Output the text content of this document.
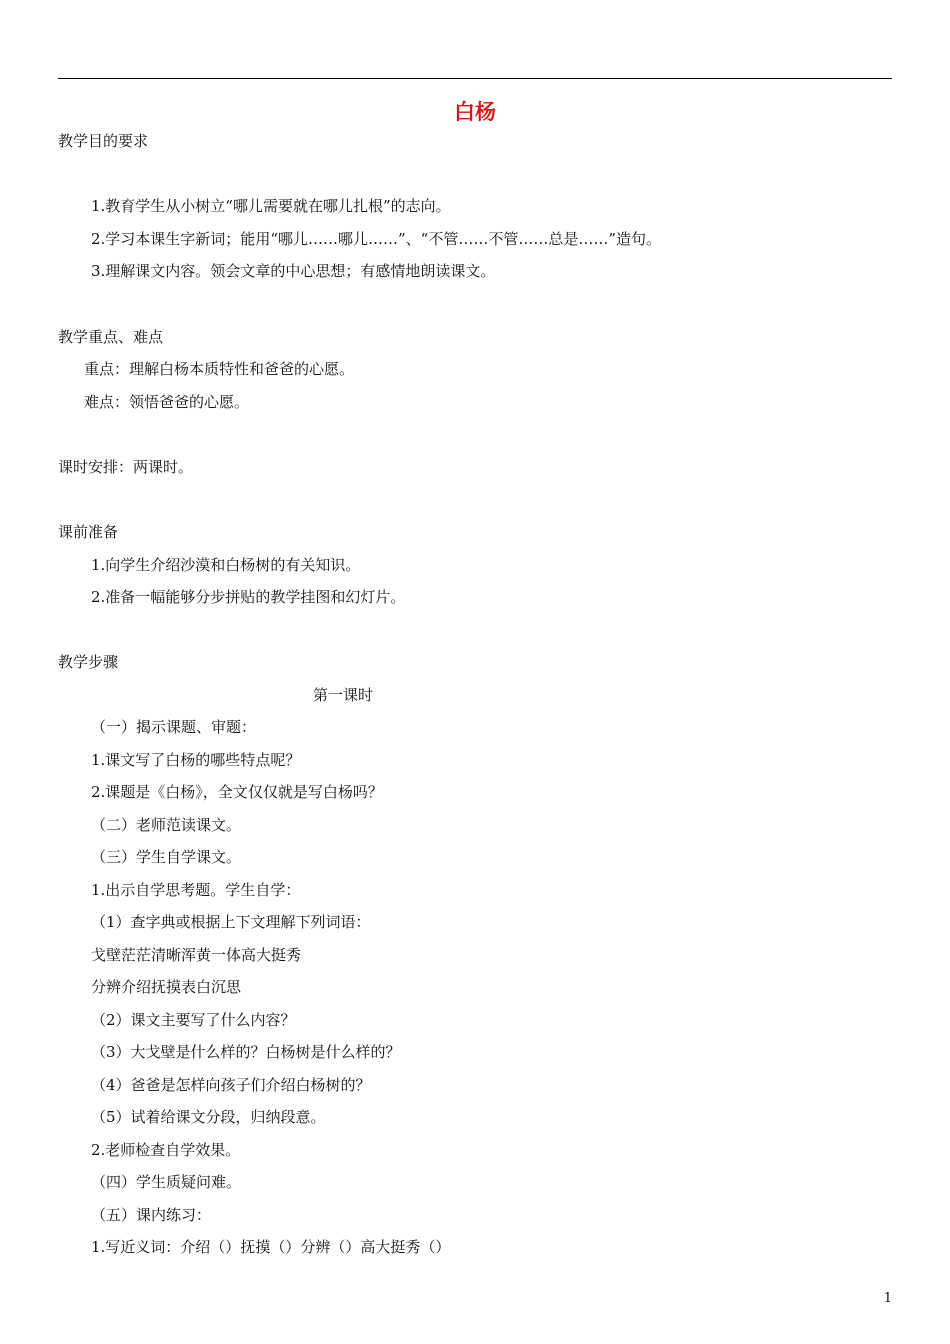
白杨
教学目的要求
1.教育学生从小树立“哪儿需要就在哪儿扎根”的志向。
2.学习本课生字新词；能用“哪儿……哪儿……”、“不管……不管……总是……”造句。
3.理解课文内容。领会文章的中心思想；有感情地朗读课文。
教学重点、难点
重点：理解白杨本质特性和爸爸的心愿。
难点：领悟爸爸的心愿。
课时安排：两课时。
课前准备
1.向学生介绍沙漠和白杨树的有关知识。
2.准备一幅能够分步拼贴的教学挂图和幻灯片。
教学步骤
第一课时
（一）揭示课题、审题：
1.课文写了白杨的哪些特点呢？
2.课题是《白杨》，全文仅仅就是写白杨吗？
（二）老师范读课文。
（三）学生自学课文。
1.出示自学思考题。学生自学：
（1）查字典或根据上下文理解下列词语：
戈壁茫茫清晰浑黄一体高大挺秀
分辨介绍抚摸表白沉思
（2）课文主要写了什么内容？
（3）大戈壁是什么样的？白杨树是什么样的？
（4）爸爸是怎样向孩子们介绍白杨树的？
（5）试着给课文分段，归纳段意。
2.老师检查自学效果。
（四）学生质疑问难。
（五）课内练习：
1.写近义词：介绍（）抚摸（）分辨（）高大挺秀（）
1
